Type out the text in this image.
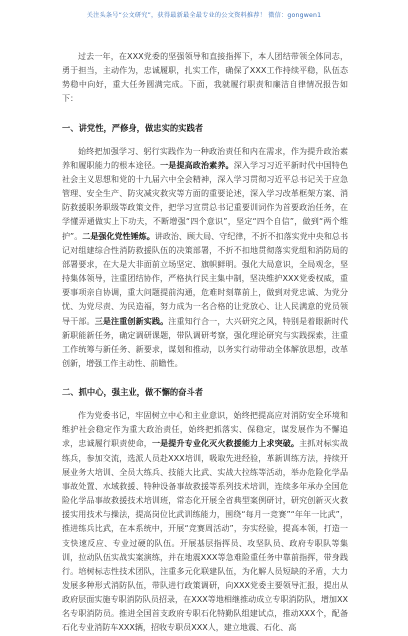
关注头条号“公文研究”，获得最新最全最专业的公文资料推荐！ 微信：gongwen1

过去一年，在XXX党委的坚强领导和直接指挥下，本人团结带领全体同志，勇于担当，主动作为，忠诚履职，扎实工作，确保了XXX工作持续平稳，队伍态势稳中向好，重大任务圆满完成。下面，我就履行职责和廉洁自律情况报告如下：

一、讲党性，严修身，做忠实的实践者

始终把加强学习、躬行实践作为一种政治责任和内在需求，作为提升政治素养和履职能力的根本途径。一是提高政治素养。深入学习习近平新时代中国特色社会主义思想和党的十九届六中全会精神，深入学习贯彻习近平总书记关于应急管理、安全生产、防灾减灾救灾等方面的重要论述，深入学习改革框架方案、消防救援职务职级等政策文件，把学习宣贯总书记重要训词作为首要政治任务，在学懂弄通做实上下功夫，不断增强“四个意识”，坚定“四个自信”，做到“两个维护”。二是强化党性锤炼。讲政治、顾大局、守纪律，不折不扣落实党中央和总书记对组建综合性消防救援队伍的决策部署，不折不扣地贯彻落实党组和消防局的部署要求，在大是大非面前立场坚定、旗帜鲜明。强化大局意识，全局观念，坚持集体领导，注重团结协作，严格执行民主集中制，坚决维护XXX党委权威，重要事项亲自协调，重大问题提前沟通，危难时刻靠前上，做到对党忠诚、为党分忧、为党尽责、为民造福，努力成为一名合格的让党放心、让人民满意的党员领导干部。三是注重创新实践。注重知行合一，大兴研究之风，特别是着眼新时代新职能新任务，确定调研课题，带队调研考察，强化理论研究与实践探索，注重工作统筹与新任务、新要求，谋划和推动，以务实行动带动全体解放思想，改革创新，增强工作主动性、前瞻性。

二、抓中心，强主业，做不懈的奋斗者

作为党委书记，牢固树立中心和主业意识，始终把提高应对消防安全环境和维护社会稳定作为重大政治责任，始终把抓落实、保稳定，谋发展作为不懈追求，忠诚履行职责使命，一是提升专业化灭火救援能力上求突破。主抓对标实战练兵，参加交流，选派人员赴XXX培训，吸取先进经验，革新训练方法，持续开展业务大培训、全员大练兵、技能大比武、实战大拉练等活动，举办危险化学品事故处置、水域救援、特种设备事故救援等系列技术培训，连续多年承办全国危险化学品事故救援技术培训班，常态化开展全省典型案例研讨，研究创新灭火救援实用技术与操法，提高岗位比武训练能力，围绕“每月一竞赛”“年年一比武”，推进练兵比武，在本系统中，开展“竞赛周活动”，夯实经验，提高本领，打造一支快速反应、专业过硬的队伍。开展基层指挥员、攻坚队员、政府专职队等集训，拉动队伍实战实案演练，并在地震XXX等急难险重任务中靠前指挥，带身践行。培树标志性技术团队，注重多元化联建队伍，为化解人员短缺的矛盾，大力发展多种形式消防队伍，带队进行政策调研，向XXX党委主要领导汇报，提出从政府层面实施专职消防队员招录，在XXX等地相继推动成立专职消防队，增加XX名专职消防员。推进全国首支政府专职石化特勤队组建试点，推动XXX个，配备石化专业消防车XXX辆，招收专职员XXX人，建立地震、石化、高
